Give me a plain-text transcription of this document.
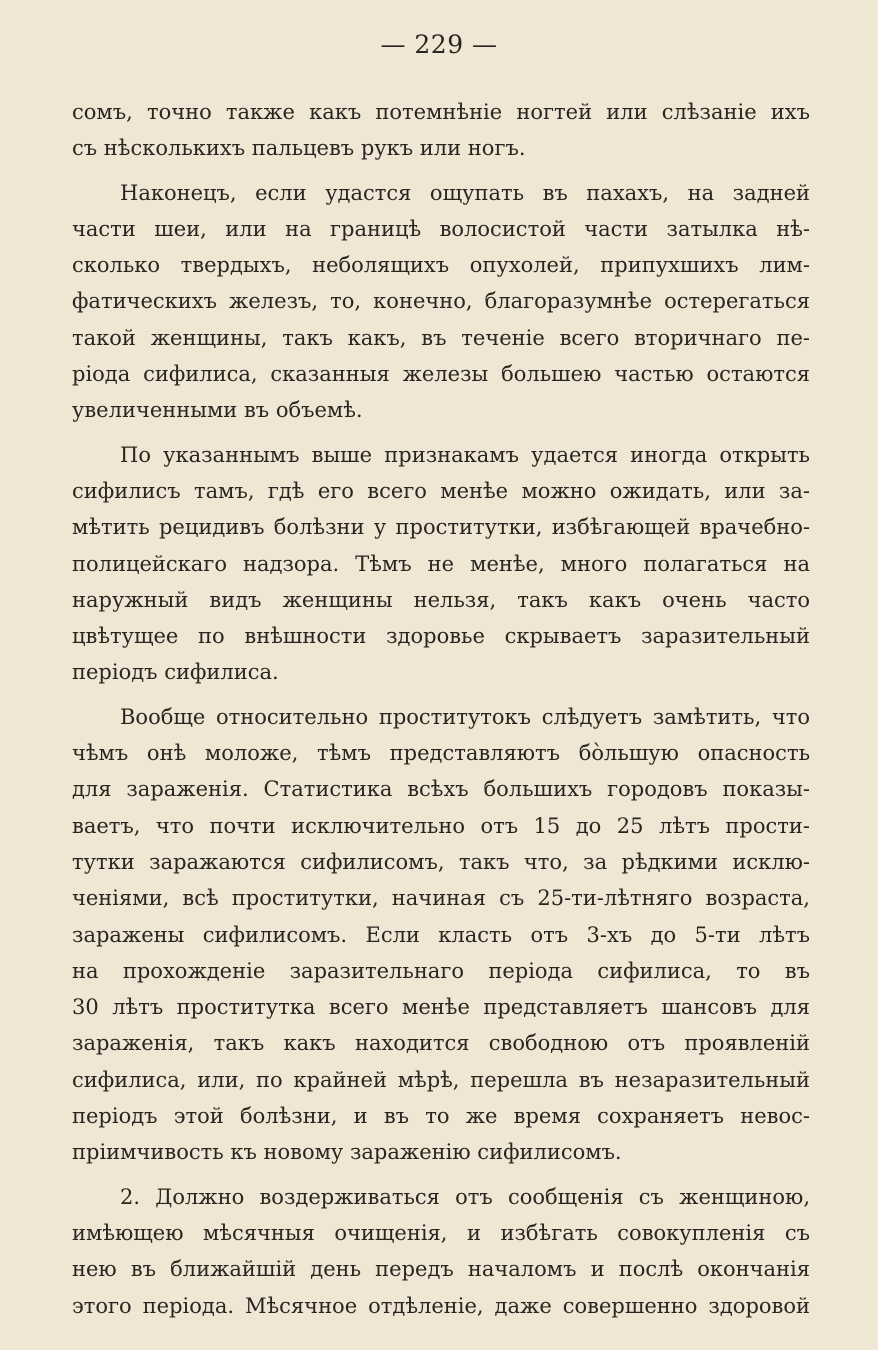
— 229 —
сомъ, точно также какъ потемнѣніе ногтей или слѣзаніе ихъ
съ нѣсколькихъ пальцевъ рукъ или ногъ.
Наконецъ, если удастся ощупать въ пахахъ, на задней
части шеи, или на границѣ волосистой части затылка нѣ-
сколько твердыхъ, неболящихъ опухолей, припухшихъ лим-
фатическихъ железъ, то, конечно, благоразумнѣе остерегаться
такой женщины, такъ какъ, въ теченіе всего вторичнаго пе-
ріода сифилиса, сказанныя железы большею частью остаются
увеличенными въ объемѣ.
По указаннымъ выше признакамъ удается иногда открыть
сифилисъ тамъ, гдѣ его всего менѣе можно ожидать, или за-
мѣтить рецидивъ болѣзни у проститутки, избѣгающей врачебно-
полицейскаго надзора. Тѣмъ не менѣе, много полагаться на
наружный видъ женщины нельзя, такъ какъ очень часто
цвѣтущее по внѣшности здоровье скрываетъ заразительный
періодъ сифилиса.
Вообще относительно проститутокъ слѣдуетъ замѣтить, что
чѣмъ онѣ моложе, тѣмъ представляютъ бо̀льшую опасность
для зараженія. Статистика всѣхъ большихъ городовъ показы-
ваетъ, что почти исключительно отъ 15 до 25 лѣтъ прости-
тутки заражаются сифилисомъ, такъ что, за рѣдкими исклю-
ченіями, всѣ проститутки, начиная съ 25-ти-лѣтняго возраста,
заражены сифилисомъ. Если класть отъ 3-хъ до 5-ти лѣтъ
на прохожденіе заразительнаго періода сифилиса, то въ
30 лѣтъ проститутка всего менѣе представляетъ шансовъ для
зараженія, такъ какъ находится свободною отъ проявленій
сифилиса, или, по крайней мѣрѣ, перешла въ незаразительный
періодъ этой болѣзни, и въ то же время сохраняетъ невос-
пріимчивость къ новому зараженію сифилисомъ.
2. Должно воздерживаться отъ сообщенія съ женщиною,
имѣющею мѣсячныя очищенія, и избѣгать совокупленія съ
нею въ ближайшій день передъ началомъ и послѣ окончанія
этого періода. Мѣсячное отдѣленіе, даже совершенно здоровой
